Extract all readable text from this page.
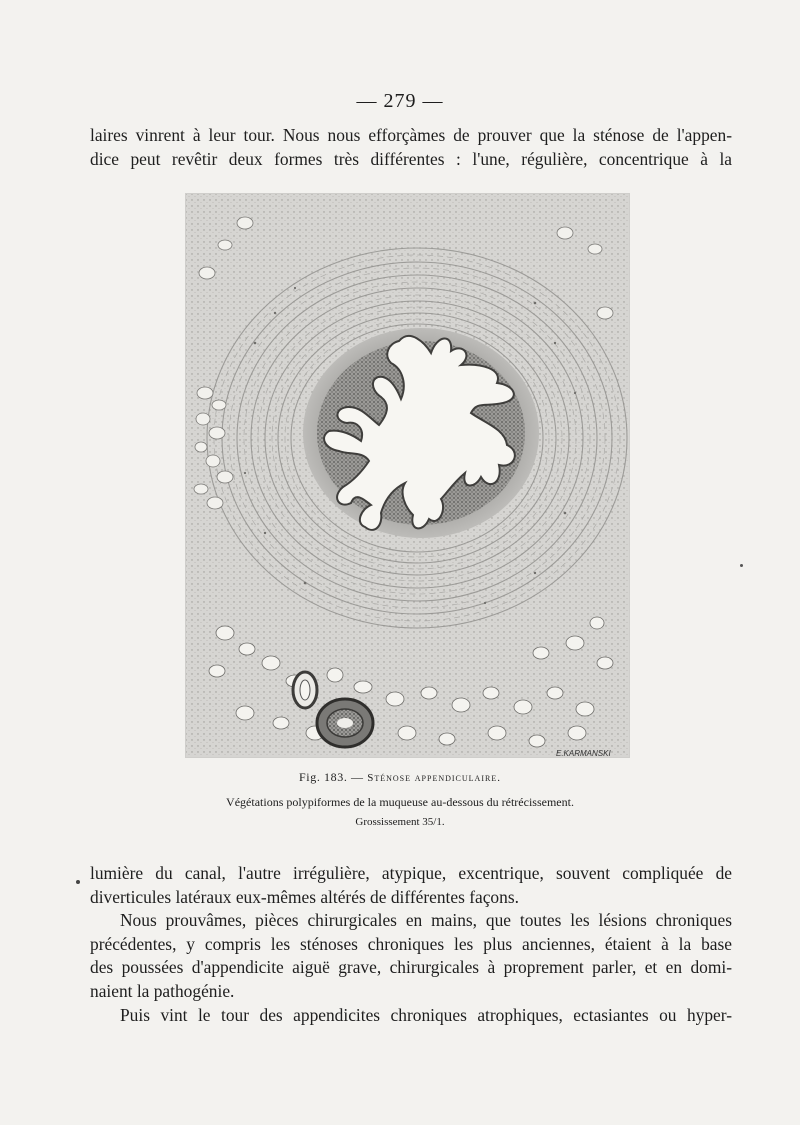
— 279 —
laires vinrent à leur tour. Nous nous efforçàmes de prouver que la sténose de l'appen-
dice peut revêtir deux formes très différentes : l'une, régulière, concentrique à la
E.KARMANSKI
Fig. 183. — Sténose appendiculaire.
Végétations polypiformes de la muqueuse au-dessous du rétrécissement.
Grossissement 35/1.
lumière du canal, l'autre irrégulière, atypique, excentrique, souvent compliquée de
diverticules latéraux eux-mêmes altérés de différentes façons.
Nous prouvâmes, pièces chirurgicales en mains, que toutes les lésions chroniques
précédentes, y compris les sténoses chroniques les plus anciennes, étaient à la base
des poussées d'appendicite aiguë grave, chirurgicales à proprement parler, et en domi-
naient la pathogénie.
Puis vint le tour des appendicites chroniques atrophiques, ectasiantes ou hyper-
